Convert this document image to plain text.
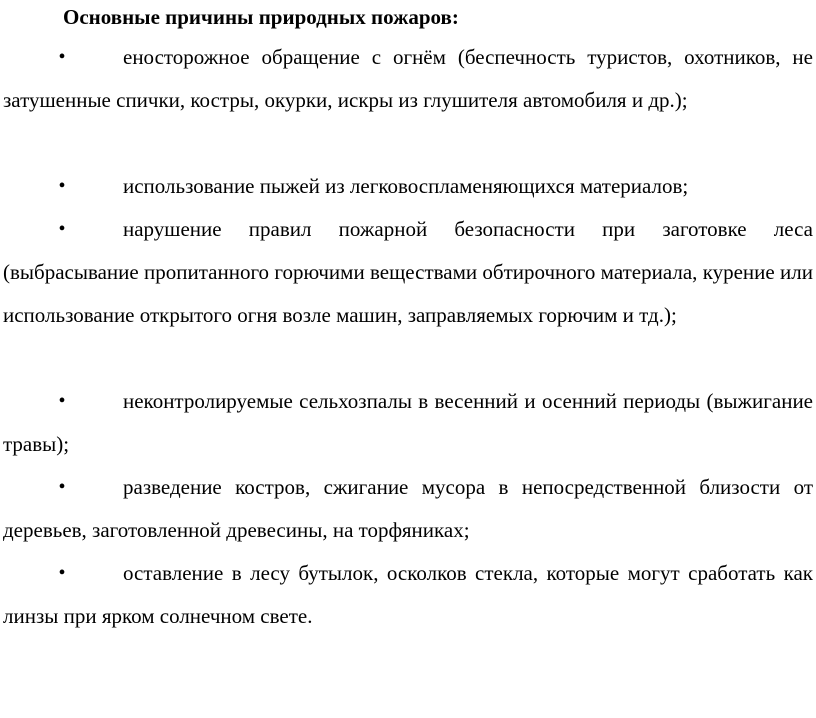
Основные причины природных пожаров:
•	еносторожное обращение с огнём (беспечность туристов, охотников, не затушенные спички, костры, окурки, искры из глушителя автомобиля и др.);
•	использование пыжей из легковоспламеняющихся материалов;
•	нарушение правил пожарной безопасности при заготовке леса (выбрасывание пропитанного горючими веществами обтирочного материала, курение или использование открытого огня возле машин, заправляемых горючим и тд.);
•	неконтролируемые сельхозпалы в весенний и осенний периоды (выжигание травы);
•	разведение костров, сжигание мусора в непосредственной близости от деревьев, заготовленной древесины, на торфяниках;
•	оставление в лесу бутылок, осколков стекла, которые могут сработать как линзы при ярком солнечном свете.
